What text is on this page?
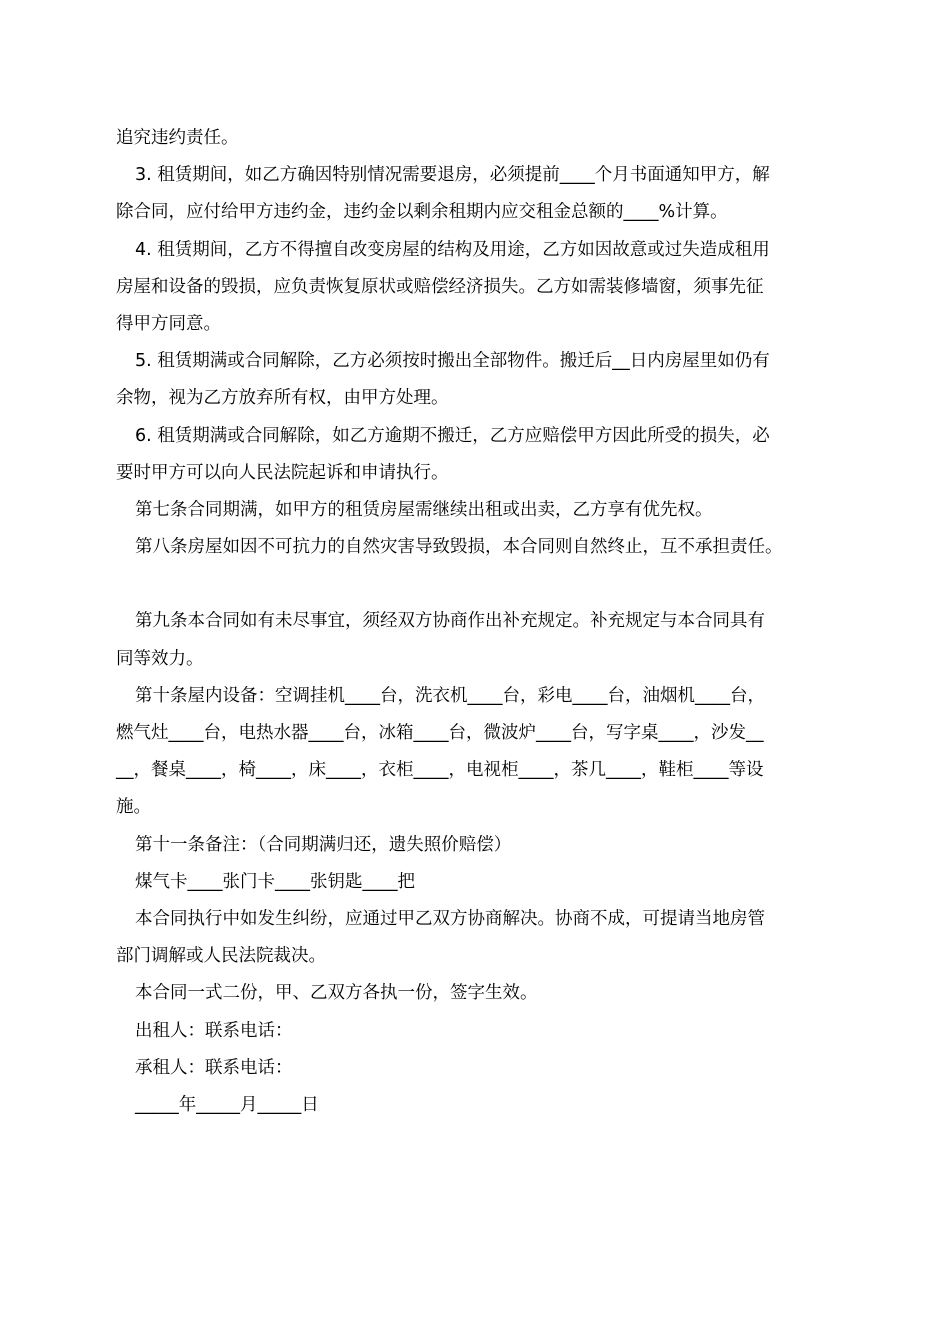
追究违约责任。

3. 租赁期间，如乙方确因特别情况需要退房，必须提前____个月书面通知甲方，解

除合同，应付给甲方违约金，违约金以剩余租期内应交租金总额的____%计算。

4. 租赁期间，乙方不得擅自改变房屋的结构及用途，乙方如因故意或过失造成租用

房屋和设备的毁损，应负责恢复原状或赔偿经济损失。乙方如需装修墙窗，须事先征

得甲方同意。

5. 租赁期满或合同解除，乙方必须按时搬出全部物件。搬迁后__日内房屋里如仍有

余物，视为乙方放弃所有权，由甲方处理。

6. 租赁期满或合同解除，如乙方逾期不搬迁，乙方应赔偿甲方因此所受的损失，必

要时甲方可以向人民法院起诉和申请执行。

第七条合同期满，如甲方的租赁房屋需继续出租或出卖，乙方享有优先权。

第八条房屋如因不可抗力的自然灾害导致毁损，本合同则自然终止，互不承担责任。

第九条本合同如有未尽事宜，须经双方协商作出补充规定。补充规定与本合同具有

同等效力。

第十条屋内设备：空调挂机____台，洗衣机____台，彩电____台，油烟机____台，

燃气灶____台，电热水器____台，冰箱____台，微波炉____台，写字桌____，沙发__

__，餐桌____，椅____，床____，衣柜____，电视柜____，茶几____，鞋柜____等设

施。

第十一条备注：（合同期满归还，遗失照价赔偿）

煤气卡____张门卡____张钥匙____把

本合同执行中如发生纠纷，应通过甲乙双方协商解决。协商不成，可提请当地房管

部门调解或人民法院裁决。

本合同一式二份，甲、乙双方各执一份，签字生效。

出租人：联系电话：

承租人：联系电话：

_____年_____月_____日
